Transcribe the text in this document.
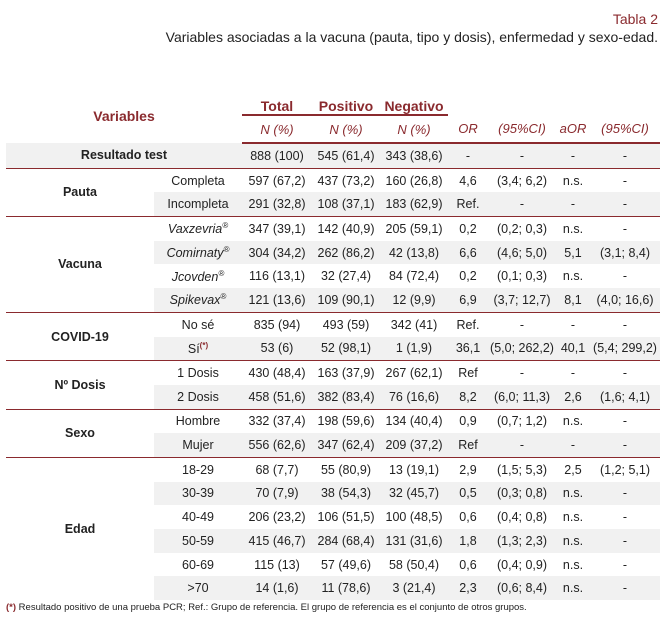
Tabla 2
Variables asociadas a la vacuna (pauta, tipo y dosis), enfermedad y sexo-edad.
Variables		Total	Positivo	Negativo				
		N (%)	N (%)	N (%)	OR	(95%CI)	aOR	(95%CI)
Resultado test		888 (100)	545 (61,4)	343 (38,6)	-	-	-	-
Pauta	Completa	597 (67,2)	437 (73,2)	160 (26,8)	4,6	(3,4; 6,2)	n.s.	-
	Incompleta	291 (32,8)	108 (37,1)	183 (62,9)	Ref.	-	-	-
Vacuna	Vaxzevria®	347 (39,1)	142 (40,9)	205 (59,1)	0,2	(0,2; 0,3)	n.s.	-
	Comirnaty®	304 (34,2)	262 (86,2)	42 (13,8)	6,6	(4,6; 5,0)	5,1	(3,1; 8,4)
	Jcovden®	116 (13,1)	32 (27,4)	84 (72,4)	0,2	(0,1; 0,3)	n.s.	-
	Spikevax®	121 (13,6)	109 (90,1)	12 (9,9)	6,9	(3,7; 12,7)	8,1	(4,0; 16,6)
COVID-19	No sé	835 (94)	493 (59)	342 (41)	Ref.	-	-	-
	Sí(*)	53 (6)	52 (98,1)	1 (1,9)	36,1	(5,0; 262,2)	40,1	(5,4; 299,2)
Nº Dosis	1 Dosis	430 (48,4)	163 (37,9)	267 (62,1)	Ref	-	-	-
	2 Dosis	458 (51,6)	382 (83,4)	76 (16,6)	8,2	(6,0; 11,3)	2,6	(1,6; 4,1)
Sexo	Hombre	332 (37,4)	198 (59,6)	134 (40,4)	0,9	(0,7; 1,2)	n.s.	-
	Mujer	556 (62,6)	347 (62,4)	209 (37,2)	Ref	-	-	-
Edad	18-29	68 (7,7)	55 (80,9)	13 (19,1)	2,9	(1,5; 5,3)	2,5	(1,2; 5,1)
	30-39	70 (7,9)	38 (54,3)	32 (45,7)	0,5	(0,3; 0,8)	n.s.	-
	40-49	206 (23,2)	106 (51,5)	100 (48,5)	0,6	(0,4; 0,8)	n.s.	-
	50-59	415 (46,7)	284 (68,4)	131 (31,6)	1,8	(1,3; 2,3)	n.s.	-
	60-69	115 (13)	57 (49,6)	58 (50,4)	0,6	(0,4; 0,9)	n.s.	-
	>70	14 (1,6)	11 (78,6)	3 (21,4)	2,3	(0,6; 8,4)	n.s.	-
(*) Resultado positivo de una prueba PCR; Ref.: Grupo de referencia. El grupo de referencia es el conjunto de otros grupos.
